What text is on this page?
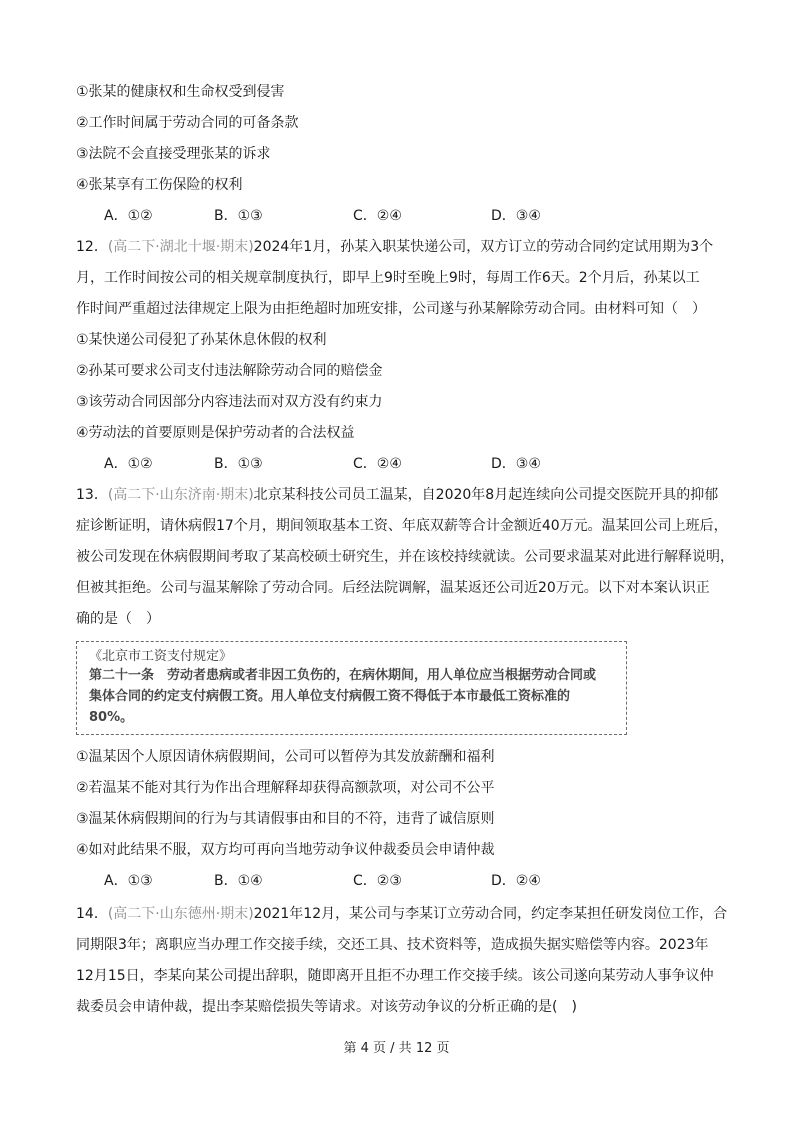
①张某的健康权和生命权受到侵害
②工作时间属于劳动合同的可备条款
③法院不会直接受理张某的诉求
④张某享有工伤保险的权利
A．①②	B．①③	C．②④	D．③④
12．(高二下·湖北十堰·期末)2024年1月，孙某入职某快递公司，双方订立的劳动合同约定试用期为3个
月，工作时间按公司的相关规章制度执行，即早上9时至晚上9时，每周工作6天。2个月后，孙某以工
作时间严重超过法律规定上限为由拒绝超时加班安排，公司遂与孙某解除劳动合同。由材料可知（　）
①某快递公司侵犯了孙某休息休假的权利
②孙某可要求公司支付违法解除劳动合同的赔偿金
③该劳动合同因部分内容违法而对双方没有约束力
④劳动法的首要原则是保护劳动者的合法权益
A．①②	B．①③	C．②④	D．③④
13．(高二下·山东济南·期末)北京某科技公司员工温某，自2020年8月起连续向公司提交医院开具的抑郁
症诊断证明，请休病假17个月，期间领取基本工资、年底双薪等合计金额近40万元。温某回公司上班后，
被公司发现在休病假期间考取了某高校硕士研究生，并在该校持续就读。公司要求温某对此进行解释说明，
但被其拒绝。公司与温某解除了劳动合同。后经法院调解，温某返还公司近20万元。以下对本案认识正
确的是（　）
《北京市工资支付规定》
第二十一条　劳动者患病或者非因工负伤的，在病休期间，用人单位应当根据劳动合同或
集体合同的约定支付病假工资。用人单位支付病假工资不得低于本市最低工资标准的
80%。
①温某因个人原因请休病假期间，公司可以暂停为其发放薪酬和福利
②若温某不能对其行为作出合理解释却获得高额款项，对公司不公平
③温某休病假期间的行为与其请假事由和目的不符，违背了诚信原则
④如对此结果不服，双方均可再向当地劳动争议仲裁委员会申请仲裁
A．①③	B．①④	C．②③	D．②④
14．(高二下·山东德州·期末)2021年12月，某公司与李某订立劳动合同，约定李某担任研发岗位工作，合
同期限3年；离职应当办理工作交接手续，交还工具、技术资料等，造成损失据实赔偿等内容。2023年
12月15日，李某向某公司提出辞职，随即离开且拒不办理工作交接手续。该公司遂向某劳动人事争议仲
裁委员会申请仲裁，提出李某赔偿损失等请求。对该劳动争议的分析正确的是(　)
第 4 页 / 共 12 页
